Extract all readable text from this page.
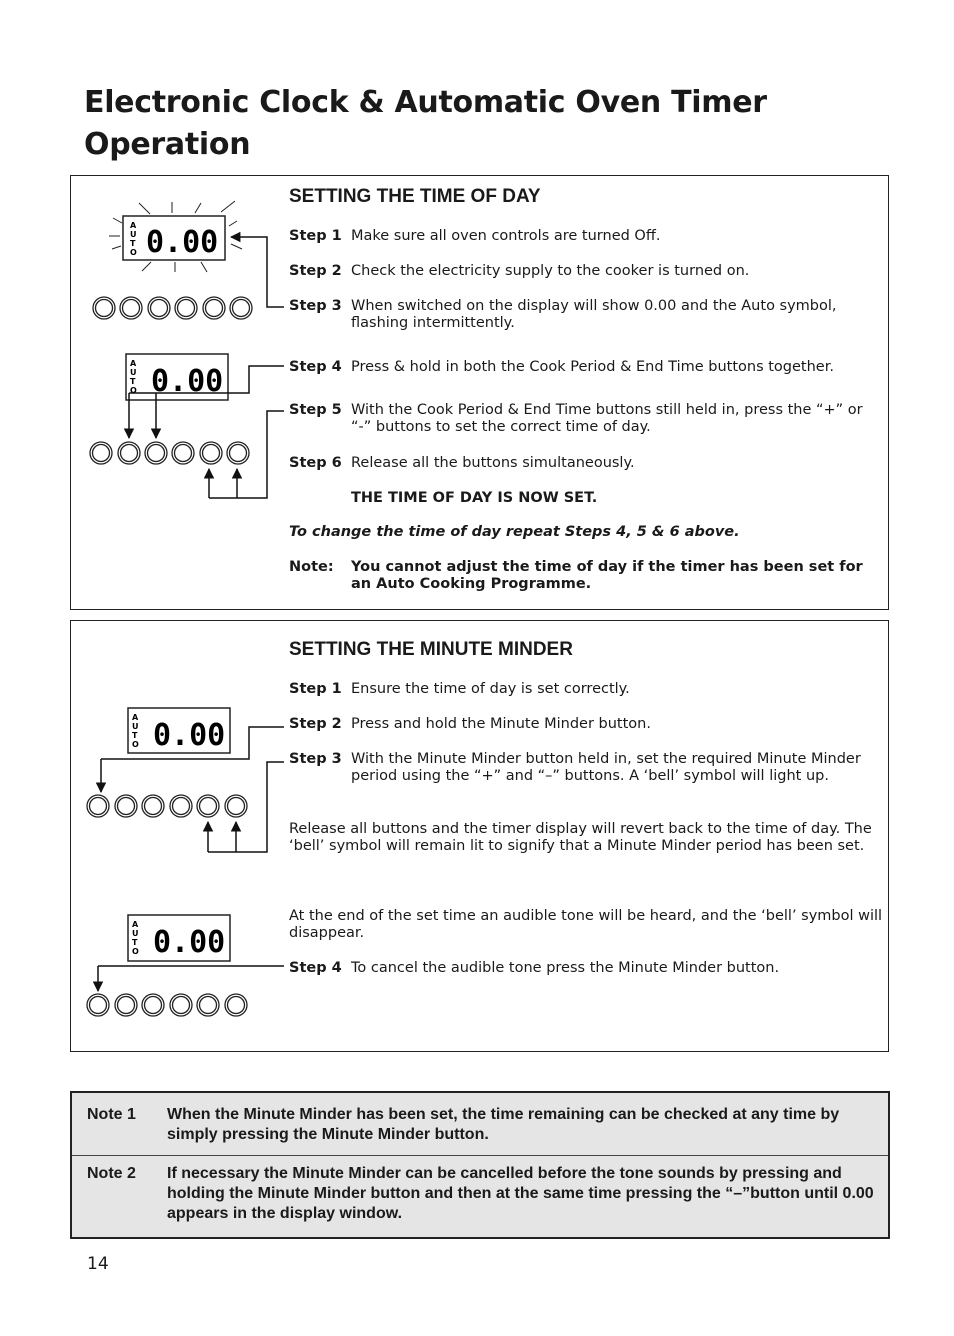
Electronic Clock & Automatic Oven Timer Operation
A
U
T
O 0.00
A
U
T
O 0.00
SETTING THE TIME OF DAY
Step 1 Make sure all oven controls are turned Off.
Step 2 Check the electricity supply to the cooker is turned on.
Step 3 When switched on the display will show 0.00 and the Auto symbol, flashing intermittently.
Step 4 Press & hold in both the Cook Period & End Time buttons together.
Step 5 With the Cook Period & End Time buttons still held in, press the “+” or “-” buttons to set the correct time of day.
Step 6 Release all the buttons simultaneously.
THE TIME OF DAY IS NOW SET.
To change the time of day repeat Steps 4, 5 & 6 above.
Note:	You cannot adjust the time of day if the timer has been set for an Auto Cooking Programme.
A
U
T
O 0.00
A
U
T
O 0.00
SETTING THE MINUTE MINDER
Step 1 Ensure the time of day is set correctly.
Step 2 Press and hold the Minute Minder button.
Step 3 With the Minute Minder button held in, set the required Minute Minder period using the “+” and “–” buttons. A ‘bell’ symbol will light up.
Release all buttons and the timer display will revert back to the time of day. The ‘bell’ symbol will remain lit to signify that a Minute Minder period has been set.
At the end of the set time an audible tone will be heard, and the ‘bell’ symbol will disappear.
Step 4 To cancel the audible tone press the Minute Minder button.
Note 1 When the Minute Minder has been set, the time remaining can be checked at any time by simply pressing the Minute Minder button.
Note 2 If necessary the Minute Minder can be cancelled before the tone sounds by pressing and holding the Minute Minder button and then at the same time pressing the “–”button until 0.00 appears in the display window.
14
